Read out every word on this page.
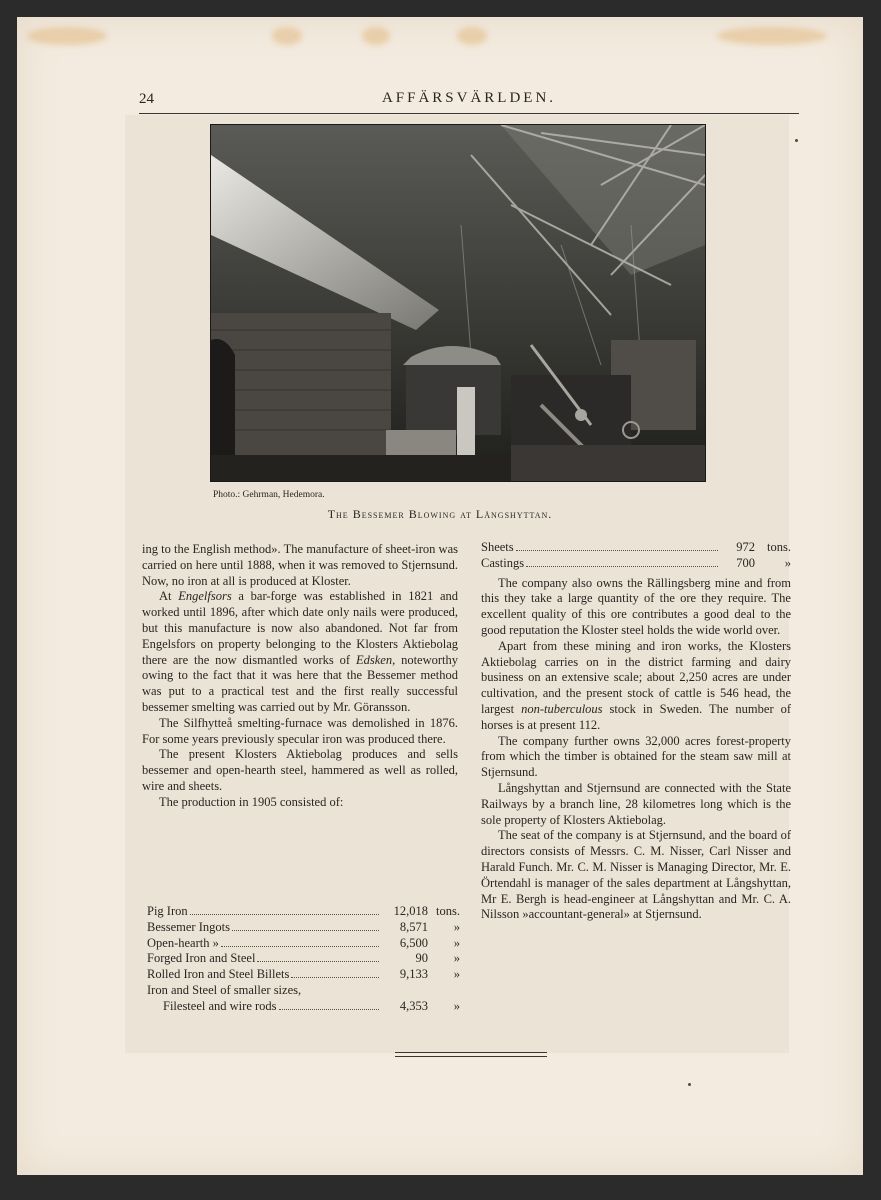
24	AFFÄRSVÄRLDEN.
Photo.: Gehrman, Hedemora.
The Bessemer Blowing at Långshyttan.

ing to the English method». The manufacture of sheet-iron was carried on here until 1888, when it was removed to Stjernsund. Now, no iron at all is produced at Kloster.

At Engelfsors a bar-forge was established in 1821 and worked until 1896, after which date only nails were produced, but this manufacture is now also abandoned. Not far from Engelsfors on property belonging to the Klosters Aktiebolag there are the now dismantled works of Edsken, noteworthy owing to the fact that it was here that the Bessemer method was put to a practical test and the first really successful bessemer smelting was carried out by Mr. Göransson.

The Silfhytteå smelting-furnace was demolished in 1876. For some years previously specular iron was produced there.

The present Klosters Aktiebolag produces and sells bessemer and open-hearth steel, hammered as well as rolled, wire and sheets.

The production in 1905 consisted of:

Pig Iron	12,018 tons.
Bessemer Ingots	8,571	»
Open-hearth »	6,500	»
Forged Iron and Steel	90	»
Rolled Iron and Steel Billets	9,133	»
Iron and Steel of smaller sizes,
Filesteel and wire rods	4,353	»
Sheets	972 tons.
Castings	700	»

The company also owns the Rällingsberg mine and from this they take a large quantity of the ore they require. The excellent quality of this ore contributes a good deal to the good reputation the Kloster steel holds the wide world over.

Apart from these mining and iron works, the Klosters Aktiebolag carries on in the district farming and dairy business on an extensive scale; about 2,250 acres are under cultivation, and the present stock of cattle is 546 head, the largest non-tuberculous stock in Sweden. The number of horses is at present 112.

The company further owns 32,000 acres forest-property from which the timber is obtained for the steam saw mill at Stjernsund.

Långshyttan and Stjernsund are connected with the State Railways by a branch line, 28 kilometres long which is the sole property of Klosters Aktiebolag.

The seat of the company is at Stjernsund, and the board of directors consists of Messrs. C. M. Nisser, Carl Nisser and Harald Funch. Mr. C. M. Nisser is Managing Director, Mr. E. Örtendahl is manager of the sales department at Långshyttan, Mr E. Bergh is head-engineer at Långshyttan and Mr. C. A. Nilsson »accountant-general» at Stjernsund.
